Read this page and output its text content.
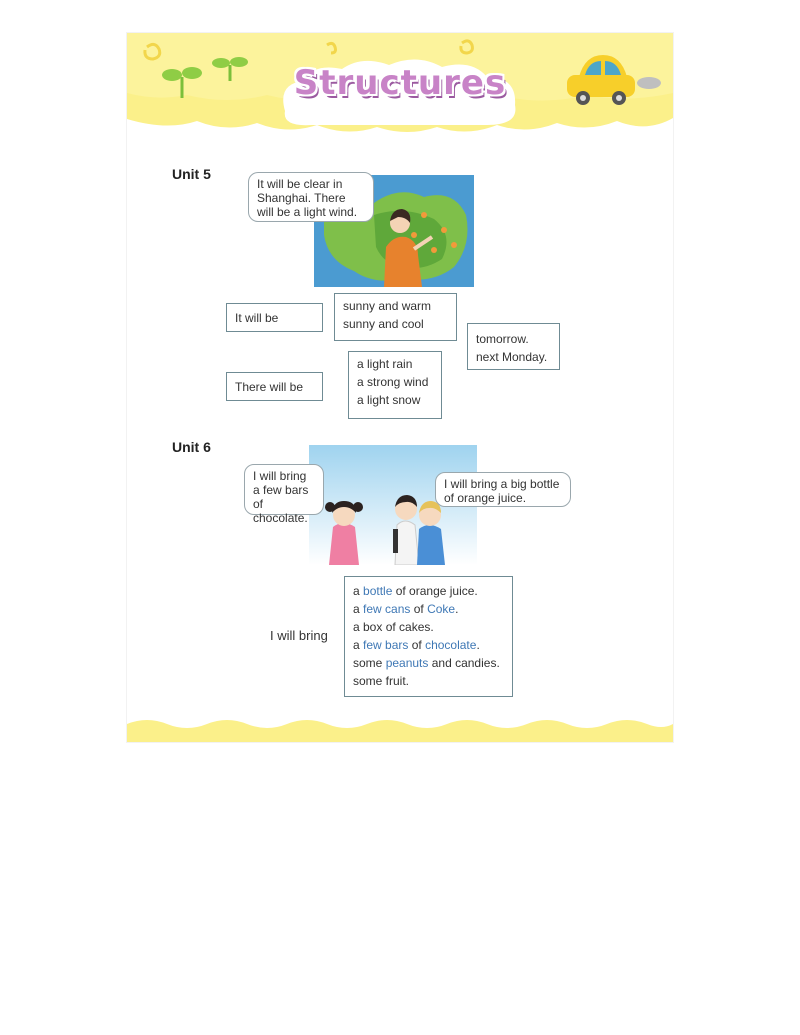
Structures
Unit 5
It will be clear in Shanghai. There will be a light wind.
It will be
sunny and warm
sunny and cool
tomorrow.
next Monday.
a light rain
a strong wind
a light snow
There will be
Unit 6
I will bring a few bars of chocolate.
I will bring a big bottle of orange juice.
I will bring
a bottle of orange juice.
a few cans of Coke.
a box of cakes.
a few bars of chocolate.
some peanuts and candies.
some fruit.
